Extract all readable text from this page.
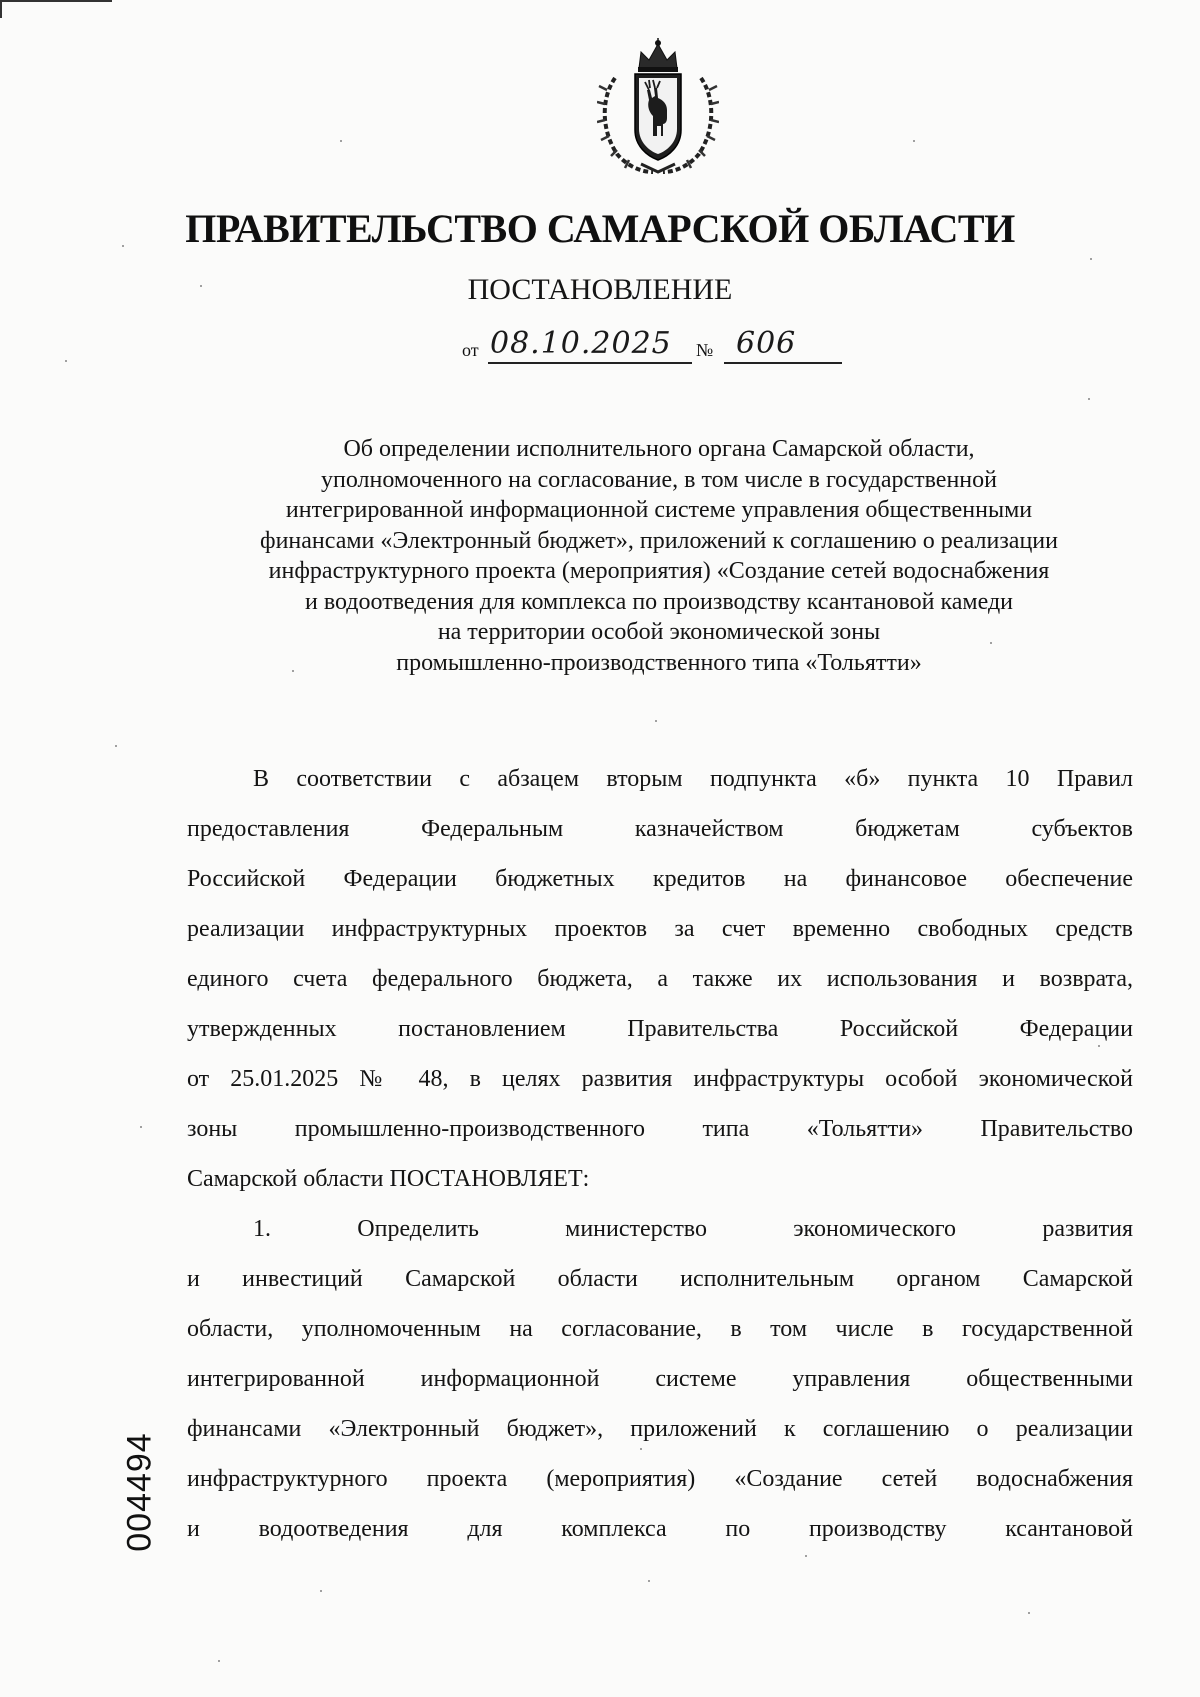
ПРАВИТЕЛЬСТВО САМАРСКОЙ ОБЛАСТИ
ПОСТАНОВЛЕНИЕ
от 08.10.2025 № 606
Об определении исполнительного органа Самарской области,
уполномоченного на согласование, в том числе в государственной
интегрированной информационной системе управления общественными
финансами «Электронный бюджет», приложений к соглашению о реализации
инфраструктурного проекта (мероприятия) «Создание сетей водоснабжения
и водоотведения для комплекса по производству ксантановой камеди
на территории особой экономической зоны
промышленно-производственного типа «Тольятти»
В соответствии с абзацем вторым подпункта «б» пункта 10 Правил
предоставления Федеральным казначейством бюджетам субъектов
Российской Федерации бюджетных кредитов на финансовое обеспечение
реализации инфраструктурных проектов за счет временно свободных средств
единого счета федерального бюджета, а также их использования и возврата,
утвержденных постановлением Правительства Российской Федерации
от 25.01.2025 № 48, в целях развития инфраструктуры особой экономической
зоны промышленно-производственного типа «Тольятти» Правительство
Самарской области ПОСТАНОВЛЯЕТ:
1. Определить министерство экономического развития
и инвестиций Самарской области исполнительным органом Самарской
области, уполномоченным на согласование, в том числе в государственной
интегрированной информационной системе управления общественными
финансами «Электронный бюджет», приложений к соглашению о реализации
инфраструктурного проекта (мероприятия) «Создание сетей водоснабжения
и водоотведения для комплекса по производству ксантановой
004494
